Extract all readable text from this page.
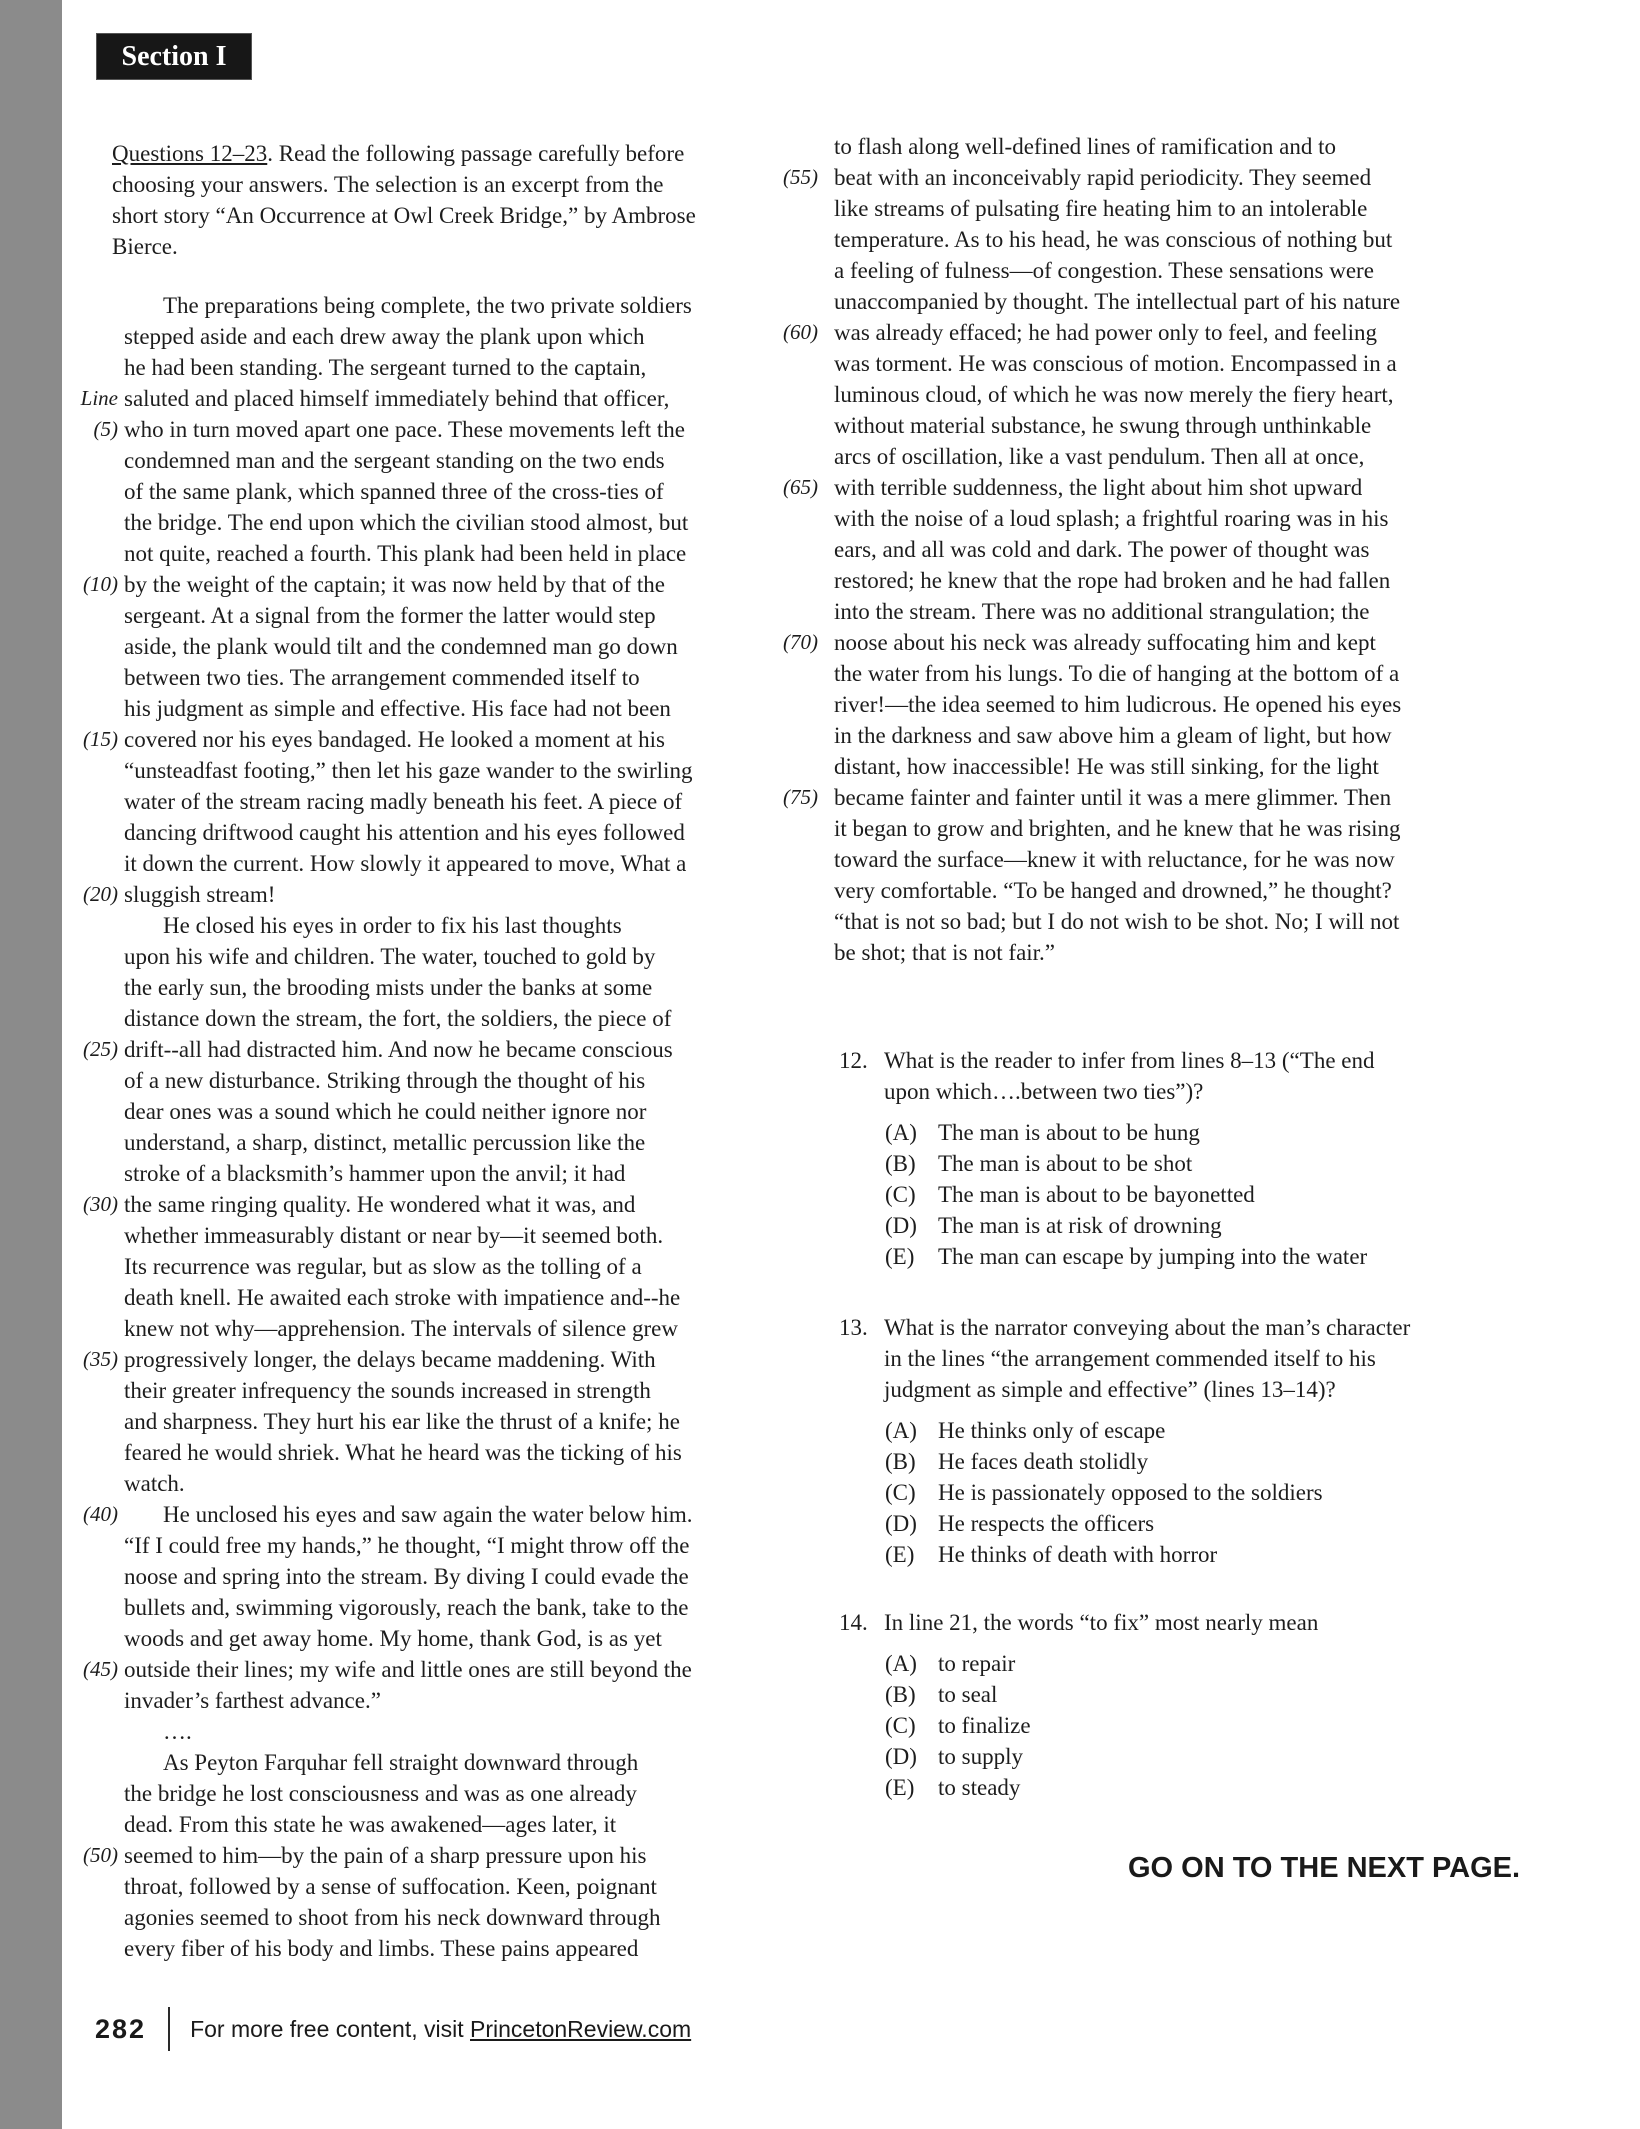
Section I
Questions 12–23. Read the following passage carefully before
choosing your answers. The selection is an excerpt from the
short story “An Occurrence at Owl Creek Bridge,” by Ambrose
Bierce.
The preparations being complete, the two private soldiers
stepped aside and each drew away the plank upon which
he had been standing. The sergeant turned to the captain,
Line saluted and placed himself immediately behind that officer,
(5) who in turn moved apart one pace. These movements left the
condemned man and the sergeant standing on the two ends
of the same plank, which spanned three of the cross-ties of
the bridge. The end upon which the civilian stood almost, but
not quite, reached a fourth. This plank had been held in place
(10) by the weight of the captain; it was now held by that of the
sergeant. At a signal from the former the latter would step
aside, the plank would tilt and the condemned man go down
between two ties. The arrangement commended itself to
his judgment as simple and effective. His face had not been
(15) covered nor his eyes bandaged. He looked a moment at his
“unsteadfast footing,” then let his gaze wander to the swirling
water of the stream racing madly beneath his feet. A piece of
dancing driftwood caught his attention and his eyes followed
it down the current. How slowly it appeared to move, What a
(20) sluggish stream!
He closed his eyes in order to fix his last thoughts
upon his wife and children. The water, touched to gold by
the early sun, the brooding mists under the banks at some
distance down the stream, the fort, the soldiers, the piece of
(25) drift--all had distracted him. And now he became conscious
of a new disturbance. Striking through the thought of his
dear ones was a sound which he could neither ignore nor
understand, a sharp, distinct, metallic percussion like the
stroke of a blacksmith’s hammer upon the anvil; it had
(30) the same ringing quality. He wondered what it was, and
whether immeasurably distant or near by—it seemed both.
Its recurrence was regular, but as slow as the tolling of a
death knell. He awaited each stroke with impatience and--he
knew not why—apprehension. The intervals of silence grew
(35) progressively longer, the delays became maddening. With
their greater infrequency the sounds increased in strength
and sharpness. They hurt his ear like the thrust of a knife; he
feared he would shriek. What he heard was the ticking of his
watch.
(40)	He unclosed his eyes and saw again the water below him.
“If I could free my hands,” he thought, “I might throw off the
noose and spring into the stream. By diving I could evade the
bullets and, swimming vigorously, reach the bank, take to the
woods and get away home. My home, thank God, is as yet
(45) outside their lines; my wife and little ones are still beyond the
invader’s farthest advance.”
….
As Peyton Farquhar fell straight downward through
the bridge he lost consciousness and was as one already
dead. From this state he was awakened—ages later, it
(50) seemed to him—by the pain of a sharp pressure upon his
throat, followed by a sense of suffocation. Keen, poignant
agonies seemed to shoot from his neck downward through
every fiber of his body and limbs. These pains appeared
to flash along well-defined lines of ramification and to
(55) beat with an inconceivably rapid periodicity. They seemed
like streams of pulsating fire heating him to an intolerable
temperature. As to his head, he was conscious of nothing but
a feeling of fulness—of congestion. These sensations were
unaccompanied by thought. The intellectual part of his nature
(60) was already effaced; he had power only to feel, and feeling
was torment. He was conscious of motion. Encompassed in a
luminous cloud, of which he was now merely the fiery heart,
without material substance, he swung through unthinkable
arcs of oscillation, like a vast pendulum. Then all at once,
(65) with terrible suddenness, the light about him shot upward
with the noise of a loud splash; a frightful roaring was in his
ears, and all was cold and dark. The power of thought was
restored; he knew that the rope had broken and he had fallen
into the stream. There was no additional strangulation; the
(70) noose about his neck was already suffocating him and kept
the water from his lungs. To die of hanging at the bottom of a
river!—the idea seemed to him ludicrous. He opened his eyes
in the darkness and saw above him a gleam of light, but how
distant, how inaccessible! He was still sinking, for the light
(75) became fainter and fainter until it was a mere glimmer. Then
it began to grow and brighten, and he knew that he was rising
toward the surface—knew it with reluctance, for he was now
very comfortable. “To be hanged and drowned,” he thought?
“that is not so bad; but I do not wish to be shot. No; I will not
be shot; that is not fair.”
12. What is the reader to infer from lines 8–13 (“The end
upon which….between two ties”)?
(A) The man is about to be hung
(B) The man is about to be shot
(C) The man is about to be bayonetted
(D) The man is at risk of drowning
(E)	The man can escape by jumping into the water
13. What is the narrator conveying about the man’s character
in the lines “the arrangement commended itself to his
judgment as simple and effective” (lines 13–14)?
(A) He thinks only of escape
(B) He faces death stolidly
(C) He is passionately opposed to the soldiers
(D) He respects the officers
(E)	He thinks of death with horror
14. In line 21, the words “to fix” most nearly mean
(A) to repair
(B) to seal
(C) to finalize
(D) to supply
(E)	to steady
GO ON TO THE NEXT PAGE.
282 For more free content, visit PrincetonReview.com
